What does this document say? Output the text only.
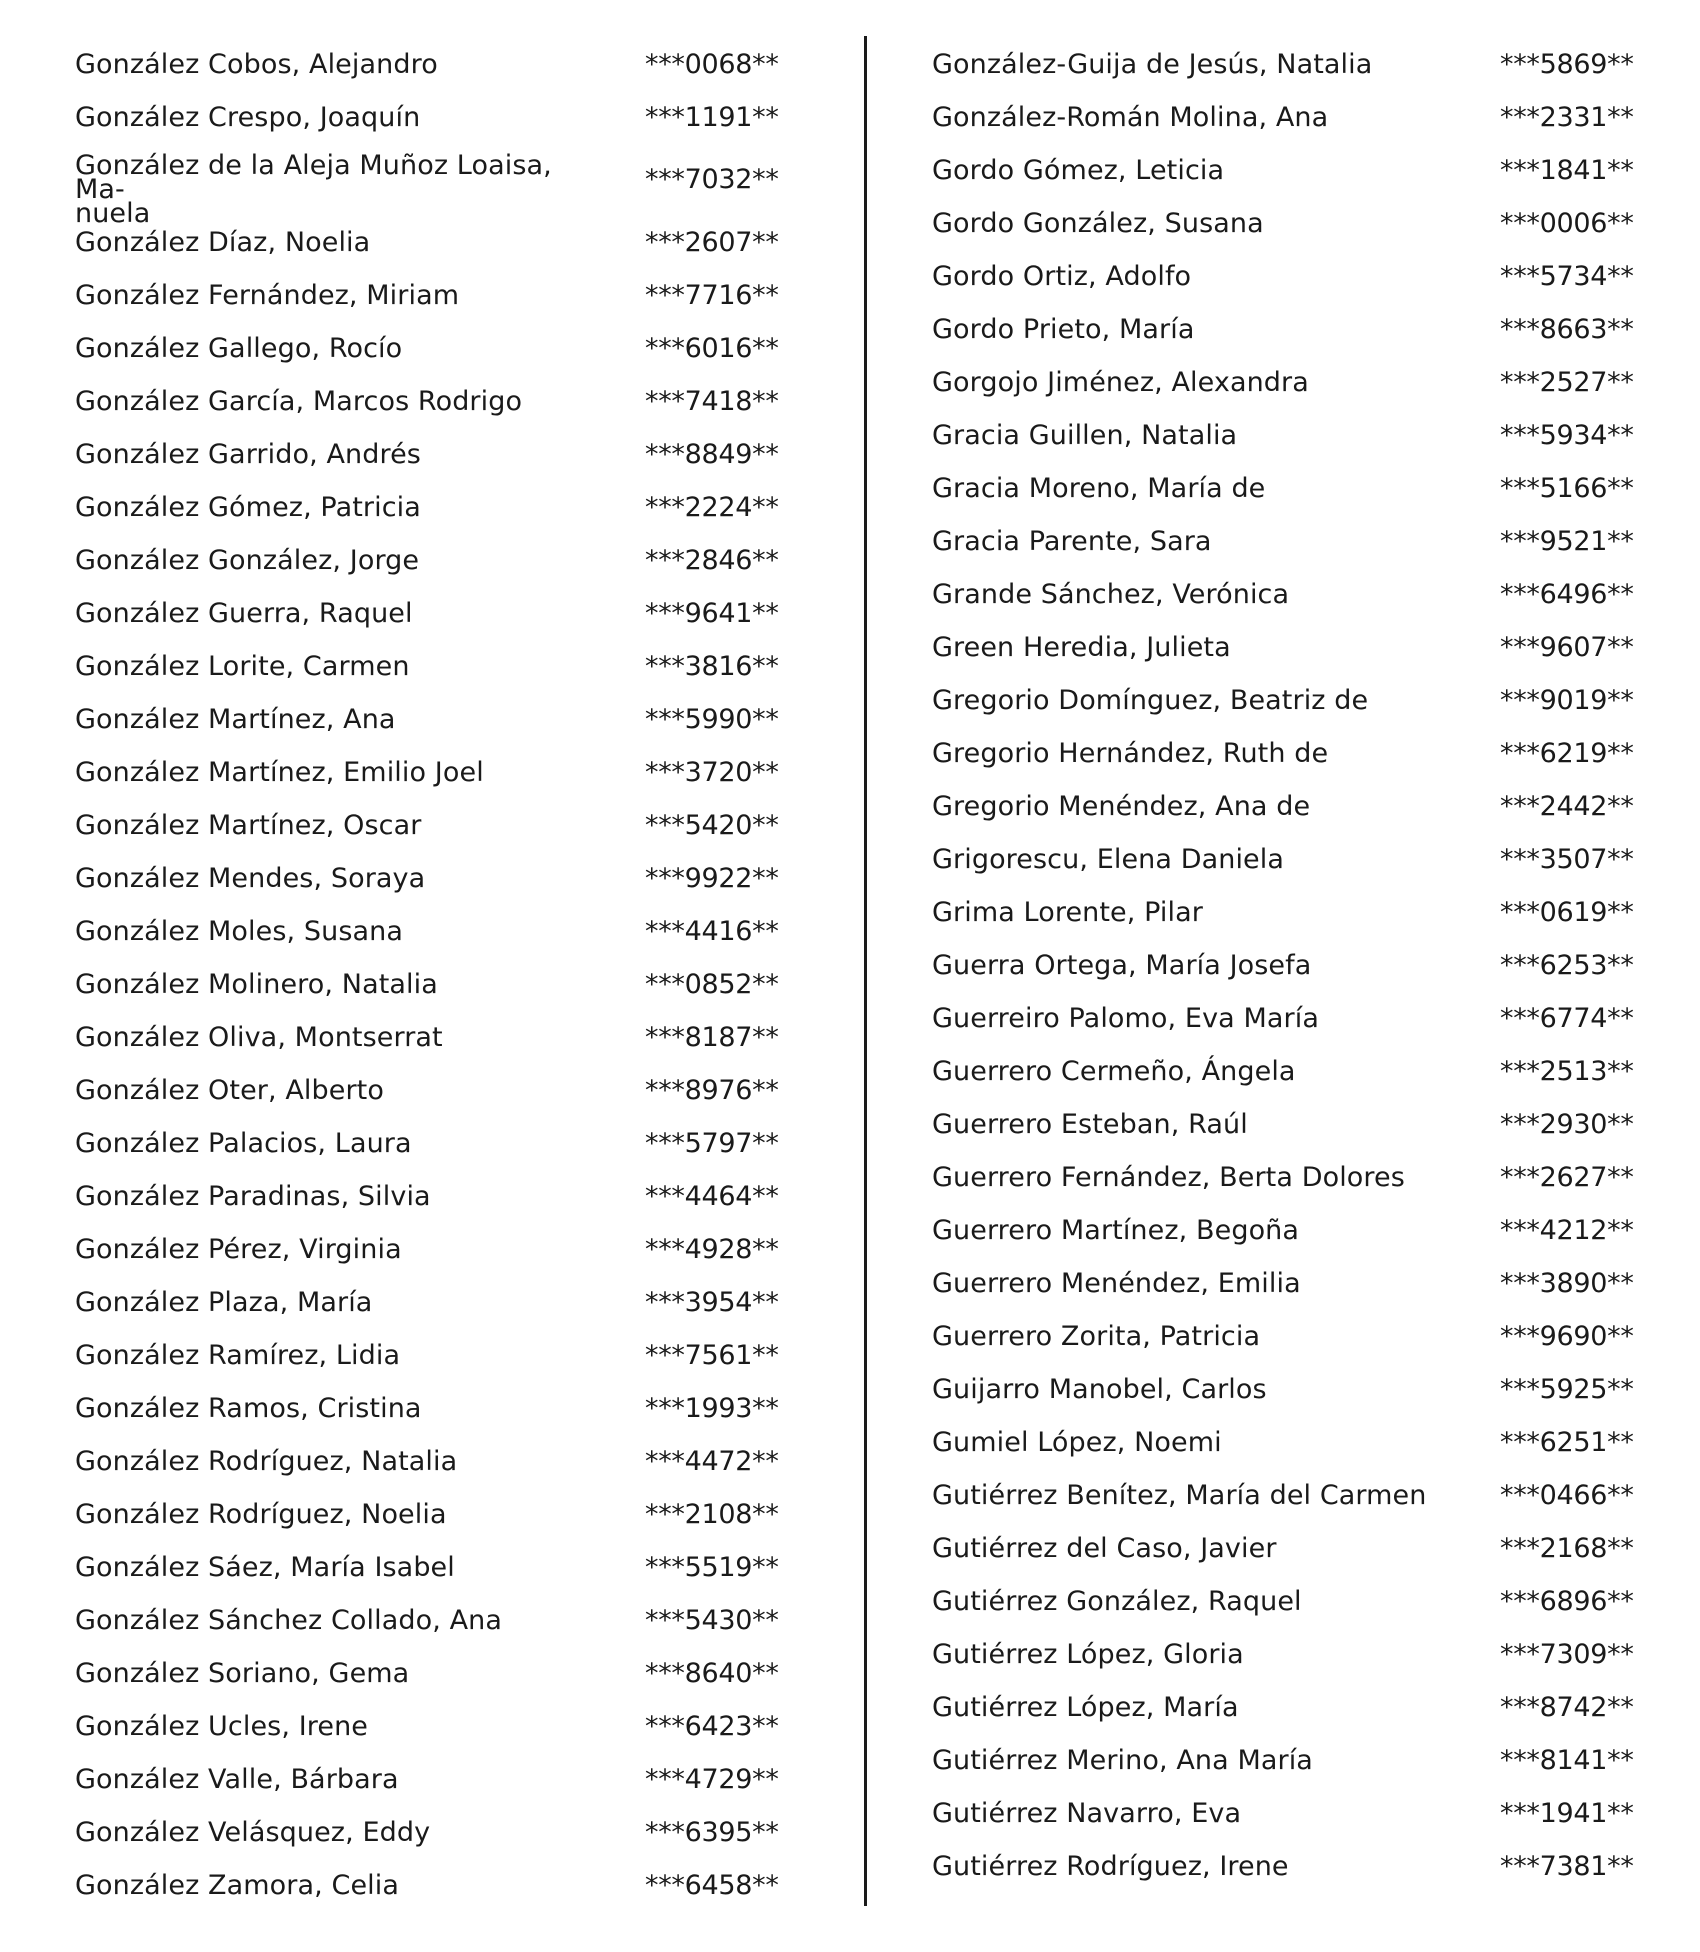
González Cobos, Alejandro	***0068**
González Crespo, Joaquín	***1191**
González de la Aleja Muñoz Loaisa, Ma-
nuela
***7032**
González Díaz, Noelia	***2607**
González Fernández, Miriam	***7716**
González Gallego, Rocío	***6016**
González García, Marcos Rodrigo	***7418**
González Garrido, Andrés	***8849**
González Gómez, Patricia	***2224**
González González, Jorge	***2846**
González Guerra, Raquel	***9641**
González Lorite, Carmen	***3816**
González Martínez, Ana	***5990**
González Martínez, Emilio Joel	***3720**
González Martínez, Oscar	***5420**
González Mendes, Soraya	***9922**
González Moles, Susana	***4416**
González Molinero, Natalia	***0852**
González Oliva, Montserrat	***8187**
González Oter, Alberto	***8976**
González Palacios, Laura	***5797**
González Paradinas, Silvia	***4464**
González Pérez, Virginia	***4928**
González Plaza, María	***3954**
González Ramírez, Lidia	***7561**
González Ramos, Cristina	***1993**
González Rodríguez, Natalia	***4472**
González Rodríguez, Noelia	***2108**
González Sáez, María Isabel	***5519**
González Sánchez Collado, Ana	***5430**
González Soriano, Gema	***8640**
González Ucles, Irene	***6423**
González Valle, Bárbara	***4729**
González Velásquez, Eddy	***6395**
González Zamora, Celia	***6458**
González-Guija de Jesús, Natalia	***5869**
González-Román Molina, Ana	***2331**
Gordo Gómez, Leticia	***1841**
Gordo González, Susana	***0006**
Gordo Ortiz, Adolfo	***5734**
Gordo Prieto, María	***8663**
Gorgojo Jiménez, Alexandra	***2527**
Gracia Guillen, Natalia	***5934**
Gracia Moreno, María de	***5166**
Gracia Parente, Sara	***9521**
Grande Sánchez, Verónica	***6496**
Green Heredia, Julieta	***9607**
Gregorio Domínguez, Beatriz de	***9019**
Gregorio Hernández, Ruth de	***6219**
Gregorio Menéndez, Ana de	***2442**
Grigorescu, Elena Daniela	***3507**
Grima Lorente, Pilar	***0619**
Guerra Ortega, María Josefa	***6253**
Guerreiro Palomo, Eva María	***6774**
Guerrero Cermeño, Ángela	***2513**
Guerrero Esteban, Raúl	***2930**
Guerrero Fernández, Berta Dolores	***2627**
Guerrero Martínez, Begoña	***4212**
Guerrero Menéndez, Emilia	***3890**
Guerrero Zorita, Patricia	***9690**
Guijarro Manobel, Carlos	***5925**
Gumiel López, Noemi	***6251**
Gutiérrez Benítez, María del Carmen	***0466**
Gutiérrez del Caso, Javier	***2168**
Gutiérrez González, Raquel	***6896**
Gutiérrez López, Gloria	***7309**
Gutiérrez López, María	***8742**
Gutiérrez Merino, Ana María	***8141**
Gutiérrez Navarro, Eva	***1941**
Gutiérrez Rodríguez, Irene	***7381**
